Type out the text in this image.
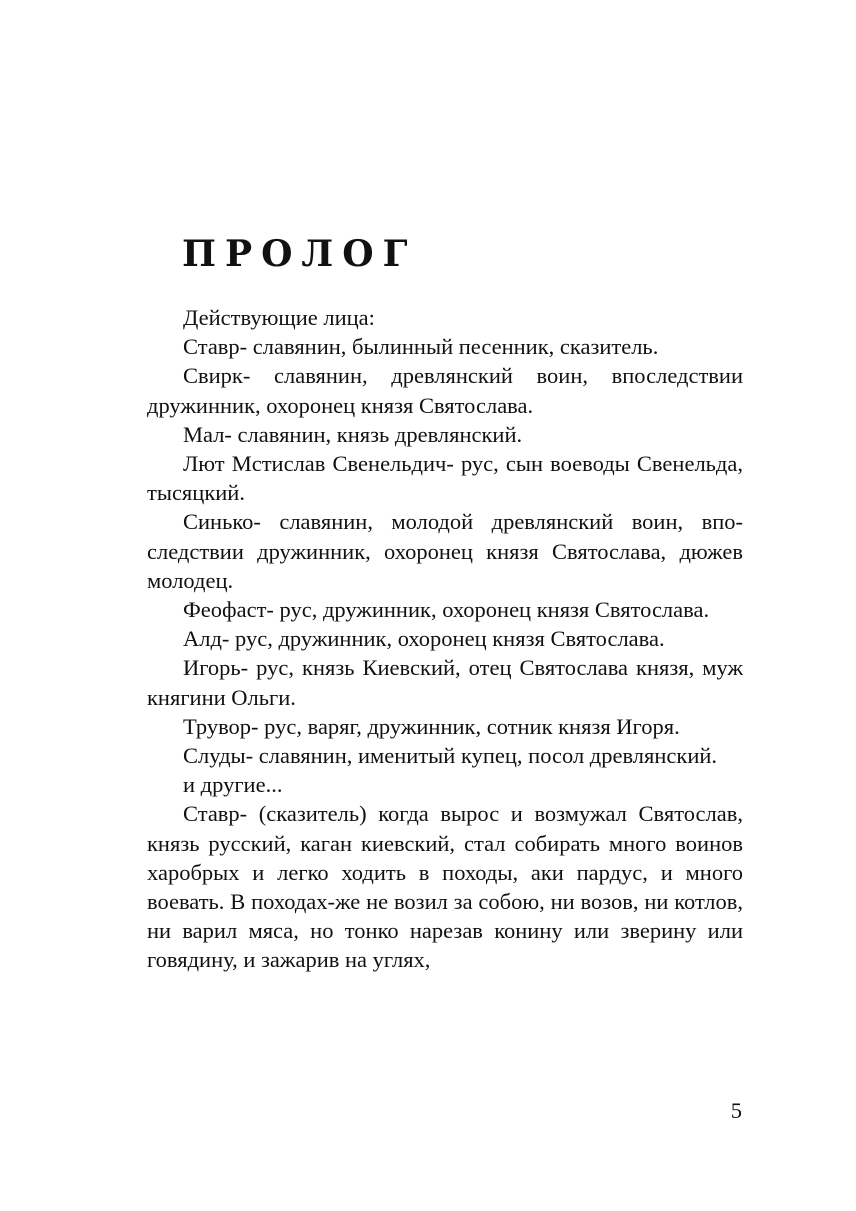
ПРОЛОГ

Действующие лица:

Ставр- славянин, былинный песенник, сказитель.

Свирк- славянин, древлянский воин, впоследствии дружинник, охоронец князя Святослава.

Мал- славянин, князь древлянский.

Лют Мстислав Свенельдич- рус, сын воеводы Свенельда, тысяцкий.

Синько- славянин, молодой древлянский воин, впоследствии дружинник, охоронец князя Святослава, дюжев молодец.

Феофаст- рус, дружинник, охоронец князя Святослава.

Алд- рус, дружинник, охоронец князя Святослава.

Игорь- рус, князь Киевский, отец Святослава князя, муж княгини Ольги.

Трувор- рус, варяг, дружинник, сотник князя Игоря.

Слуды- славянин, именитый купец, посол древлянский.

и другие...

Ставр- (сказитель) когда вырос и возмужал Святослав, князь русский, каган киевский, стал собирать много воинов харобрых и легко ходить в походы, аки пардус, и много воевать. В походах-же не возил за собою, ни возов, ни котлов, ни варил мяса, но тонко нарезав конину или зверину или говядину, и зажарив на углях,

5
